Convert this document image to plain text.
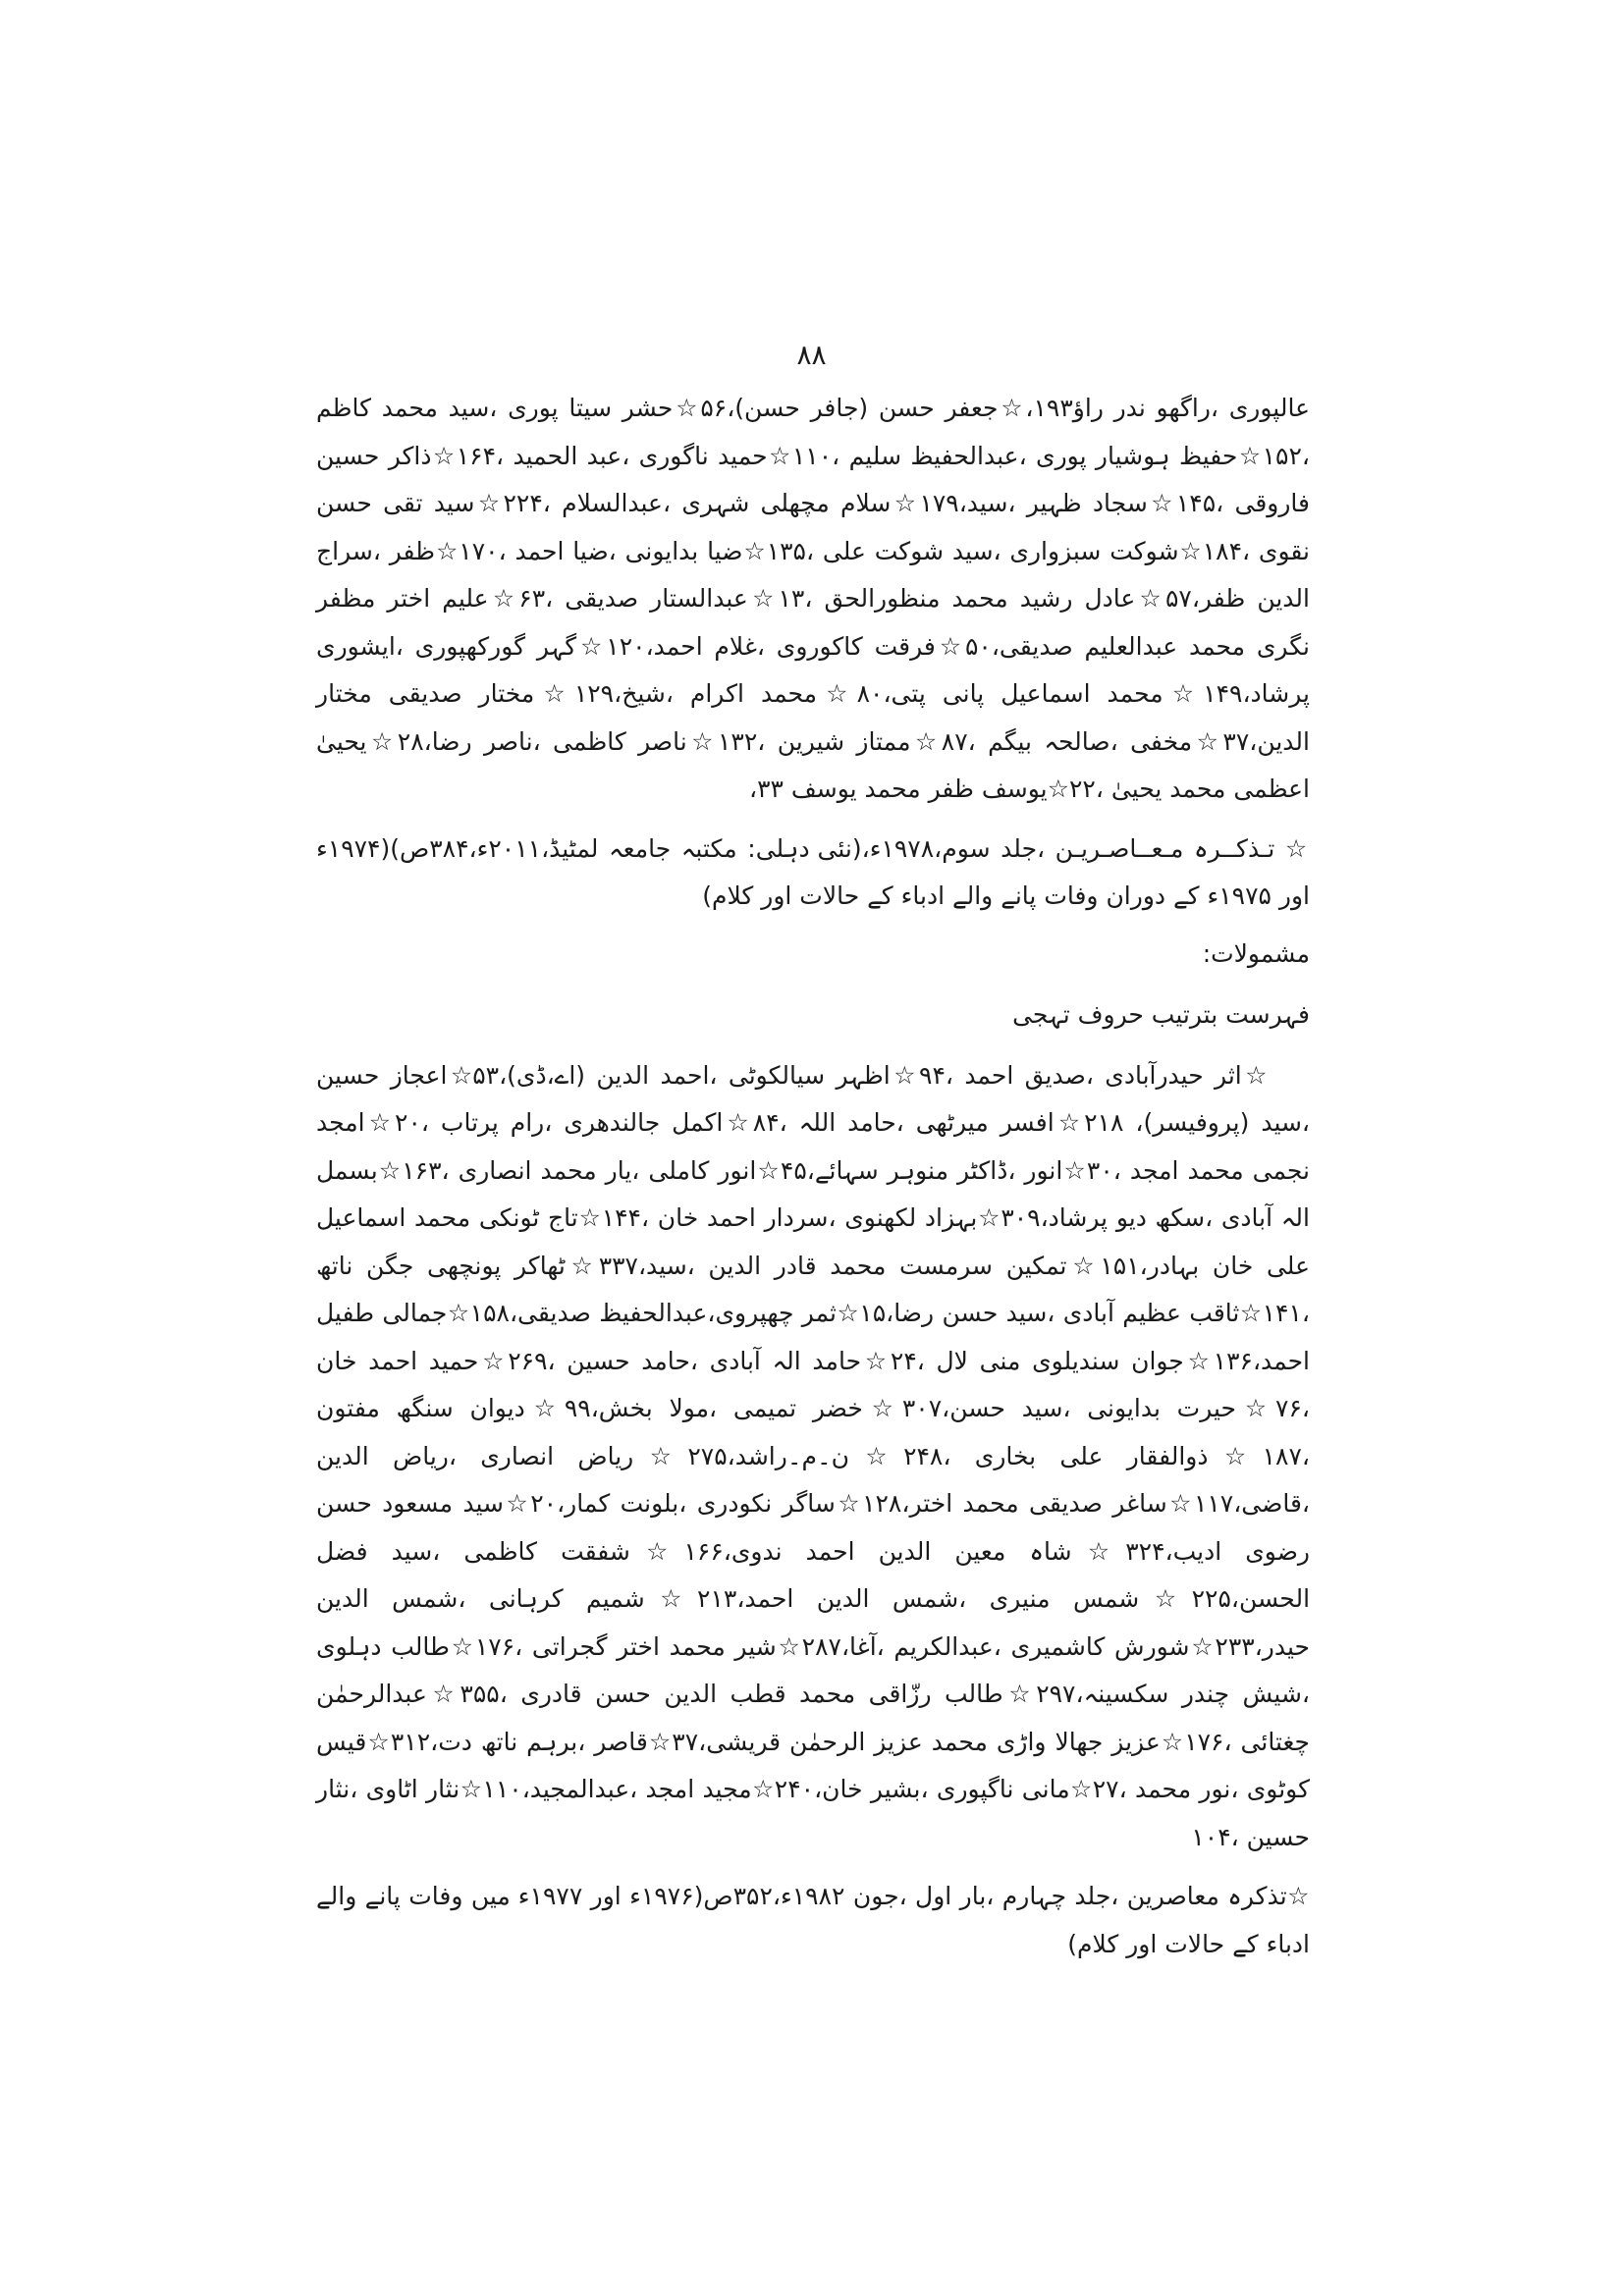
۸۸

عالپوری ،راگھو ندر راؤ۱۹۳،☆جعفر حسن (جافر حسن)،۵۶☆حشر سیتا پوری ،سید محمد کاظم ،۱۵۲☆حفیظ ہوشیار پوری ،عبدالحفیظ سلیم ،۱۱۰☆حمید ناگوری ،عبد الحمید ،۱۶۴☆ذاکر حسین فاروقی ،۱۴۵☆سجاد ظہیر ،سید،۱۷۹☆سلام مچھلی شہری ،عبدالسلام ،۲۲۴☆سید تقی حسن نقوی ،۱۸۴☆شوکت سبزواری ،سید شوکت علی ،۱۳۵☆ضیا بدایونی ،ضیا احمد ،۱۷۰☆ظفر ،سراج الدین ظفر،۵۷☆عادل رشید محمد منظورالحق ،۱۳☆عبدالستار صدیقی ،۶۳☆علیم اختر مظفر نگری محمد عبدالعلیم صدیقی،۵۰☆فرقت کاکوروی ،غلام احمد،۱۲۰☆گہر گورکھپوری ،ایشوری پرشاد،۱۴۹☆محمد اسماعیل پانی پتی،۸۰☆محمد اکرام ،شیخ،۱۲۹☆مختار صدیقی مختار الدین،۳۷☆مخفی ،صالحہ بیگم ،۸۷☆ممتاز شیرین ،۱۳۲☆ناصر کاظمی ،ناصر رضا،۲۸☆یحییٰ اعظمی محمد یحییٰ ،۲۲☆یوسف ظفر محمد یوسف ۳۳،

☆ تـذکــرہ مـعــاصـریـن ،جلد سوم،۱۹۷۸ء،(نئی دہلی: مکتبہ جامعہ لمٹیڈ،۲۰۱۱ء،۳۸۴ص)(۱۹۷۴ء اور ۱۹۷۵ء کے دوران وفات پانے والے ادباء کے حالات اور کلام)

مشمولات:

فہرست بترتیب حروف تہجی

☆اثر حیدرآبادی ،صدیق احمد ،۹۴☆اظہر سیالکوٹی ،احمد الدین (اے،ڈی)،۵۳☆اعجاز حسین ،سید (پروفیسر)، ۲۱۸☆افسر میرٹھی ،حامد اللہ ،۸۴☆اکمل جالندھری ،رام پرتاب ،۲۰☆امجد نجمی محمد امجد ،۳۰☆انور ،ڈاکٹر منوہر سہائے،۴۵☆انور کاملی ،یار محمد انصاری ،۱۶۳☆بسمل الہ آبادی ،سکھ دیو پرشاد،۳۰۹☆بہزاد لکھنوی ،سردار احمد خان ،۱۴۴☆تاج ٹونکی محمد اسماعیل علی خان بہادر،۱۵۱☆تمکین سرمست محمد قادر الدین ،سید،۳۳۷☆ٹھاکر پونچھی جگن ناتھ ،۱۴۱☆ثاقب عظیم آبادی ،سید حسن رضا،۱۵☆ثمر چھپروی،عبدالحفیظ صدیقی،۱۵۸☆جمالی طفیل احمد،۱۳۶☆جوان سندیلوی منی لال ،۲۴☆حامد الہ آبادی ،حامد حسین ،۲۶۹☆حمید احمد خان ،۷۶☆حیرت بدایونی ،سید حسن،۳۰۷☆خضر تمیمی ،مولا بخش،۹۹☆دیوان سنگھ مفتون ،۱۸۷☆ذوالفقار علی بخاری ،۲۴۸☆ن۔م۔راشد،۲۷۵☆ریاض انصاری ،ریاض الدین ،قاضی،۱۱۷☆ساغر صدیقی محمد اختر،۱۲۸☆ساگر نکودری ،بلونت کمار،۲۰☆سید مسعود حسن رضوی ادیب،۳۲۴☆شاہ معین الدین احمد ندوی،۱۶۶☆شفقت کاظمی ،سید فضل الحسن،۲۲۵☆شمس منیری ،شمس الدین احمد،۲۱۳☆شمیم کرہانی ،شمس الدین حیدر،۲۳۳☆شورش کاشمیری ،عبدالکریم ،آغا،۲۸۷☆شیر محمد اختر گجراتی ،۱۷۶☆طالب دہلوی ،شیش چندر سکسینہ،۲۹۷☆طالب رزّاقی محمد قطب الدین حسن قادری ،۳۵۵☆عبدالرحمٰن چغتائی ،۱۷۶☆عزیز جھالا واڑی محمد عزیز الرحمٰن قریشی،۳۷☆قاصر ،برہم ناتھ دت،۳۱۲☆قیس کوٹوی ،نور محمد ،۲۷☆مانی ناگپوری ،بشیر خان،۲۴۰☆مجید امجد ،عبدالمجید،۱۱۰☆نثار اٹاوی ،نثار حسین ،۱۰۴

☆تذکرہ معاصرین ،جلد چہارم ،بار اول ،جون ۱۹۸۲ء،۳۵۲ص(۱۹۷۶ء اور ۱۹۷۷ء میں وفات پانے والے ادباء کے حالات اور کلام)
